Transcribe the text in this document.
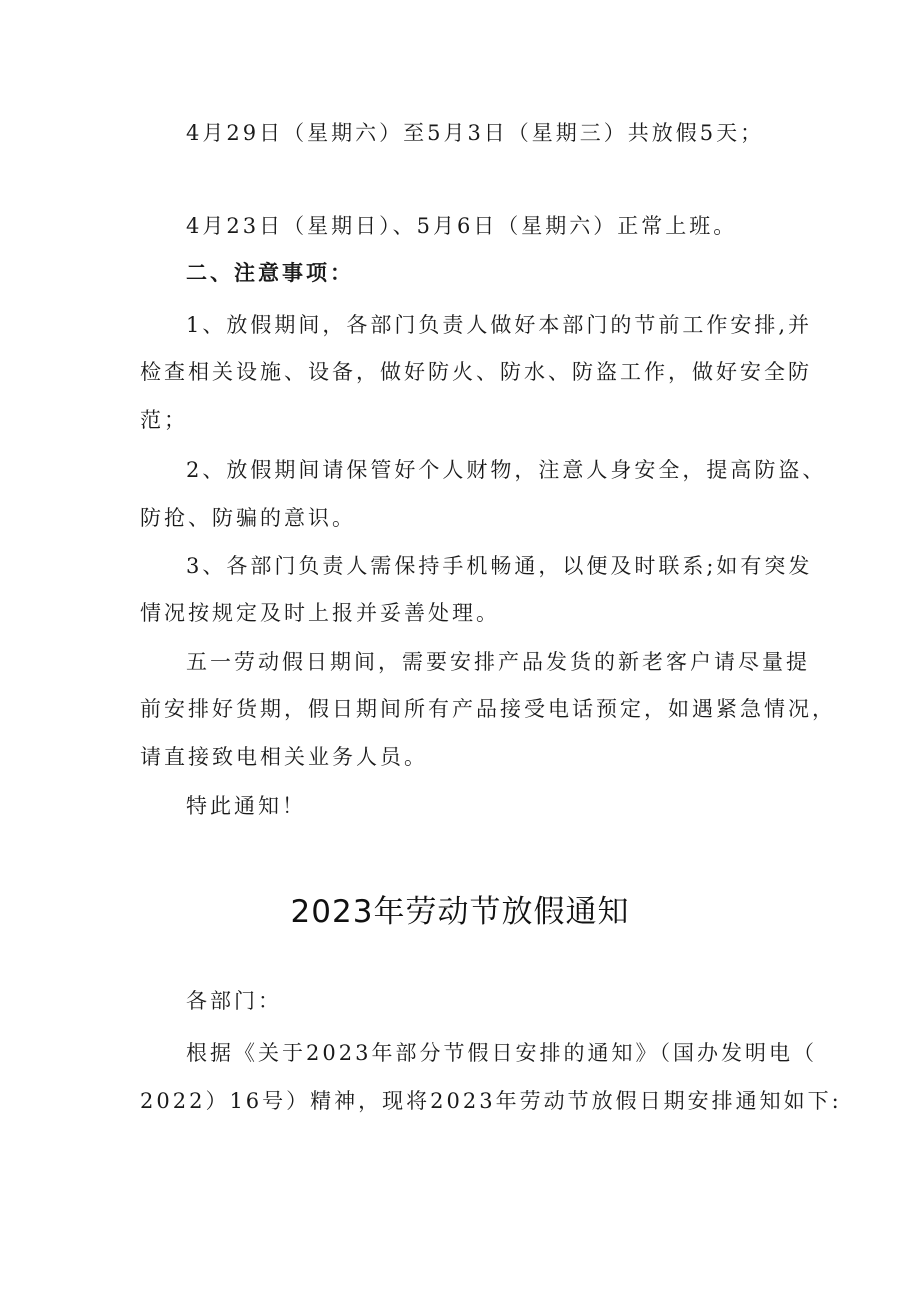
4月29日（星期六）至5月3日（星期三）共放假5天；
4月23日（星期日）、5月6日（星期六）正常上班。
二、注意事项：
1、放假期间，各部门负责人做好本部门的节前工作安排,并
检查相关设施、设备，做好防火、防水、防盗工作，做好安全防
范；
2、放假期间请保管好个人财物，注意人身安全，提高防盗、
防抢、防骗的意识。
3、各部门负责人需保持手机畅通，以便及时联系;如有突发
情况按规定及时上报并妥善处理。
五一劳动假日期间，需要安排产品发货的新老客户请尽量提
前安排好货期，假日期间所有产品接受电话预定，如遇紧急情况，
请直接致电相关业务人员。
特此通知！
2023年劳动节放假通知
各部门：
根据《关于2023年部分节假日安排的通知》（国办发明电（
2022）16号）精神，现将2023年劳动节放假日期安排通知如下:
